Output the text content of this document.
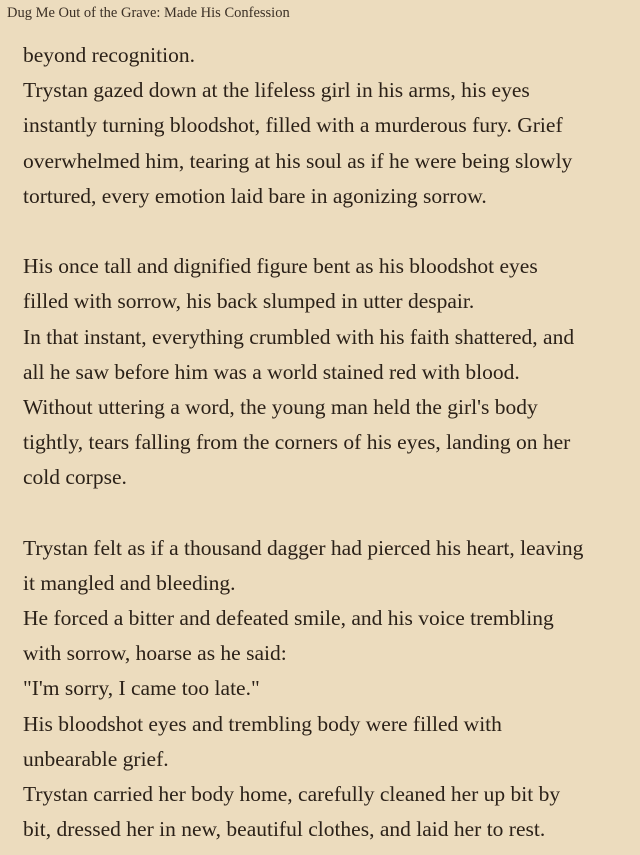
Dug Me Out of the Grave: Made His Confession
beyond recognition.
Trystan gazed down at the lifeless girl in his arms, his eyes
instantly turning bloodshot, filled with a murderous fury. Grief
overwhelmed him, tearing at his soul as if he were being slowly
tortured, every emotion laid bare in agonizing sorrow.
His once tall and dignified figure bent as his bloodshot eyes
filled with sorrow, his back slumped in utter despair.
In that instant, everything crumbled with his faith shattered, and
all he saw before him was a world stained red with blood.
Without uttering a word, the young man held the girl's body
tightly, tears falling from the corners of his eyes, landing on her
cold corpse.
Trystan felt as if a thousand dagger had pierced his heart, leaving
it mangled and bleeding.
He forced a bitter and defeated smile, and his voice trembling
with sorrow, hoarse as he said:
"I'm sorry, I came too late."
His bloodshot eyes and trembling body were filled with
unbearable grief.
Trystan carried her body home, carefully cleaned her up bit by
bit, dressed her in new, beautiful clothes, and laid her to rest.
